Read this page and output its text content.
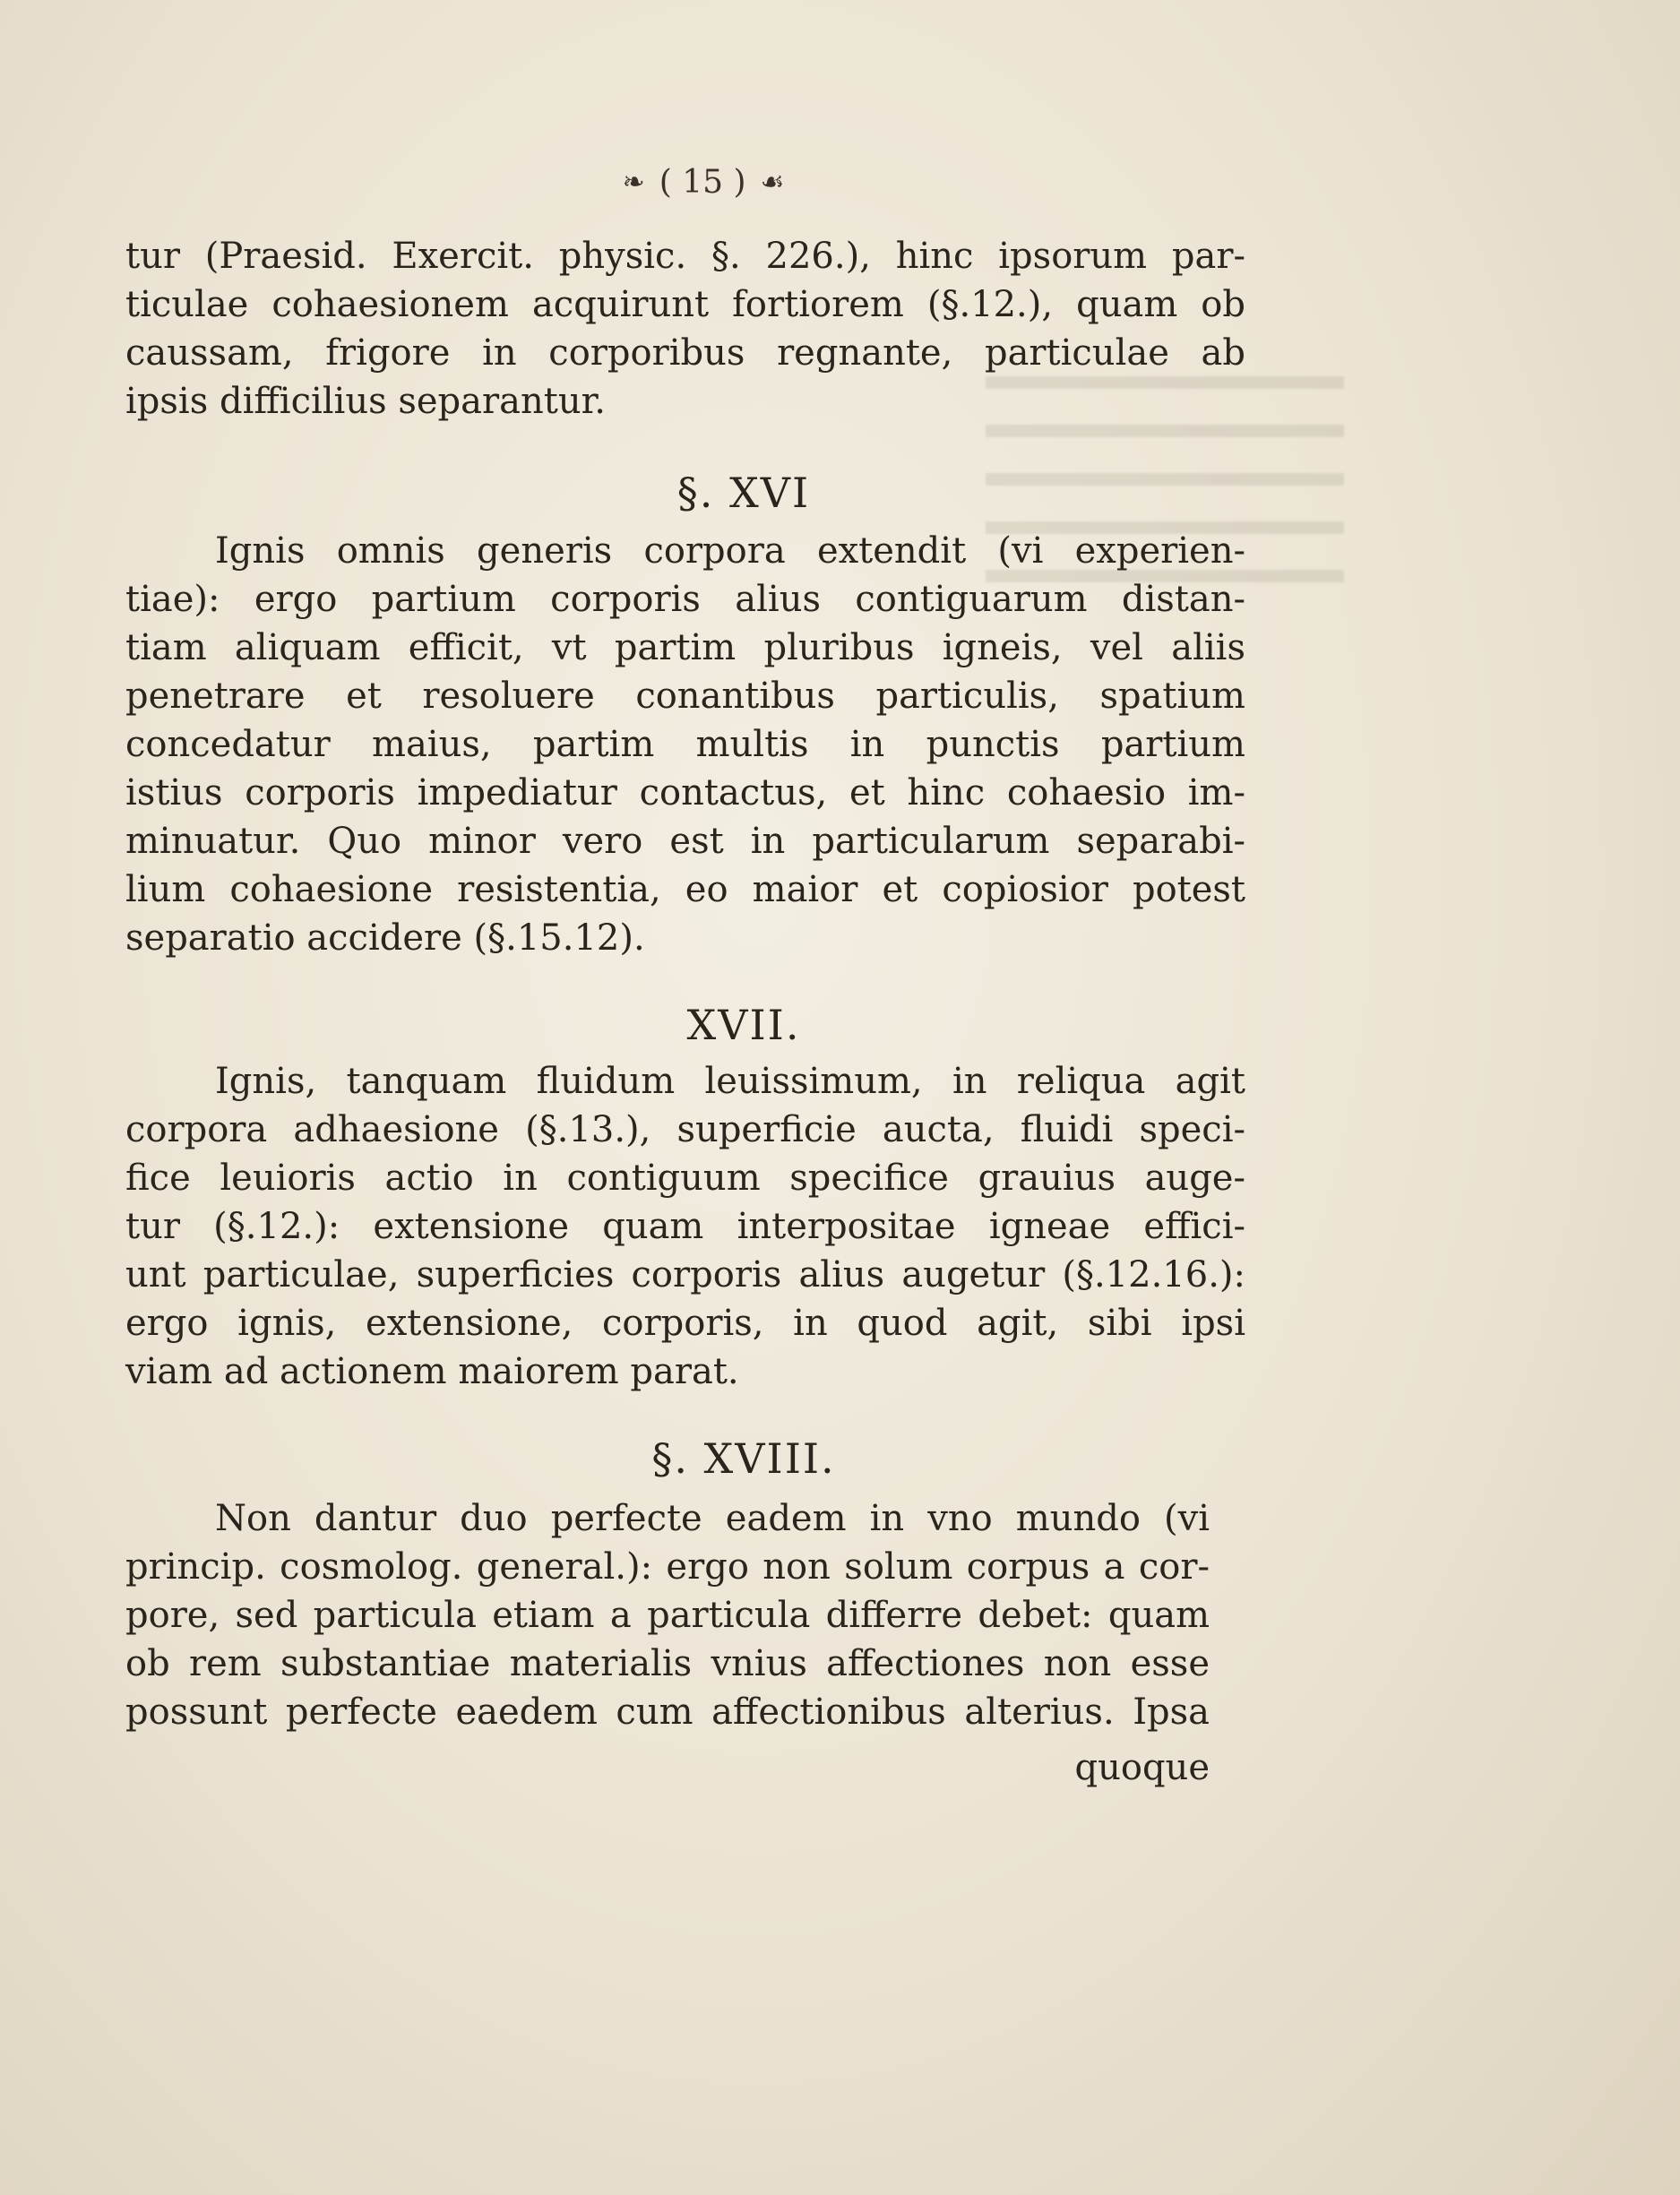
❧ ( 15 ) ☙
tur (Praesid. Exercit. physic. §. 226.), hinc ipsorum par-
ticulae cohaesionem acquirunt fortiorem (§.12.), quam ob
caussam, frigore in corporibus regnante, particulae ab
ipsis difficilius separantur.
§. XVI
Ignis omnis generis corpora extendit (vi experien-
tiae): ergo partium corporis alius contiguarum distan-
tiam aliquam efficit, vt partim pluribus igneis, vel aliis
penetrare et resoluere conantibus particulis, spatium
concedatur maius, partim multis in punctis partium
istius corporis impediatur contactus, et hinc cohaesio im-
minuatur. Quo minor vero est in particularum separabi-
lium cohaesione resistentia, eo maior et copiosior potest
separatio accidere (§.15.12).
XVII.
Ignis, tanquam fluidum leuissimum, in reliqua agit
corpora adhaesione (§.13.), superficie aucta, fluidi speci-
fice leuioris actio in contiguum specifice grauius auge-
tur (§.12.): extensione quam interpositae igneae effici-
unt particulae, superficies corporis alius augetur (§.12.16.):
ergo ignis, extensione, corporis, in quod agit, sibi ipsi
viam ad actionem maiorem parat.
§. XVIII.
Non dantur duo perfecte eadem in vno mundo (vi
princip. cosmolog. general.): ergo non solum corpus a cor-
pore, sed particula etiam a particula differre debet: quam
ob rem substantiae materialis vnius affectiones non esse
possunt perfecte eaedem cum affectionibus alterius. Ipsa
quoque
